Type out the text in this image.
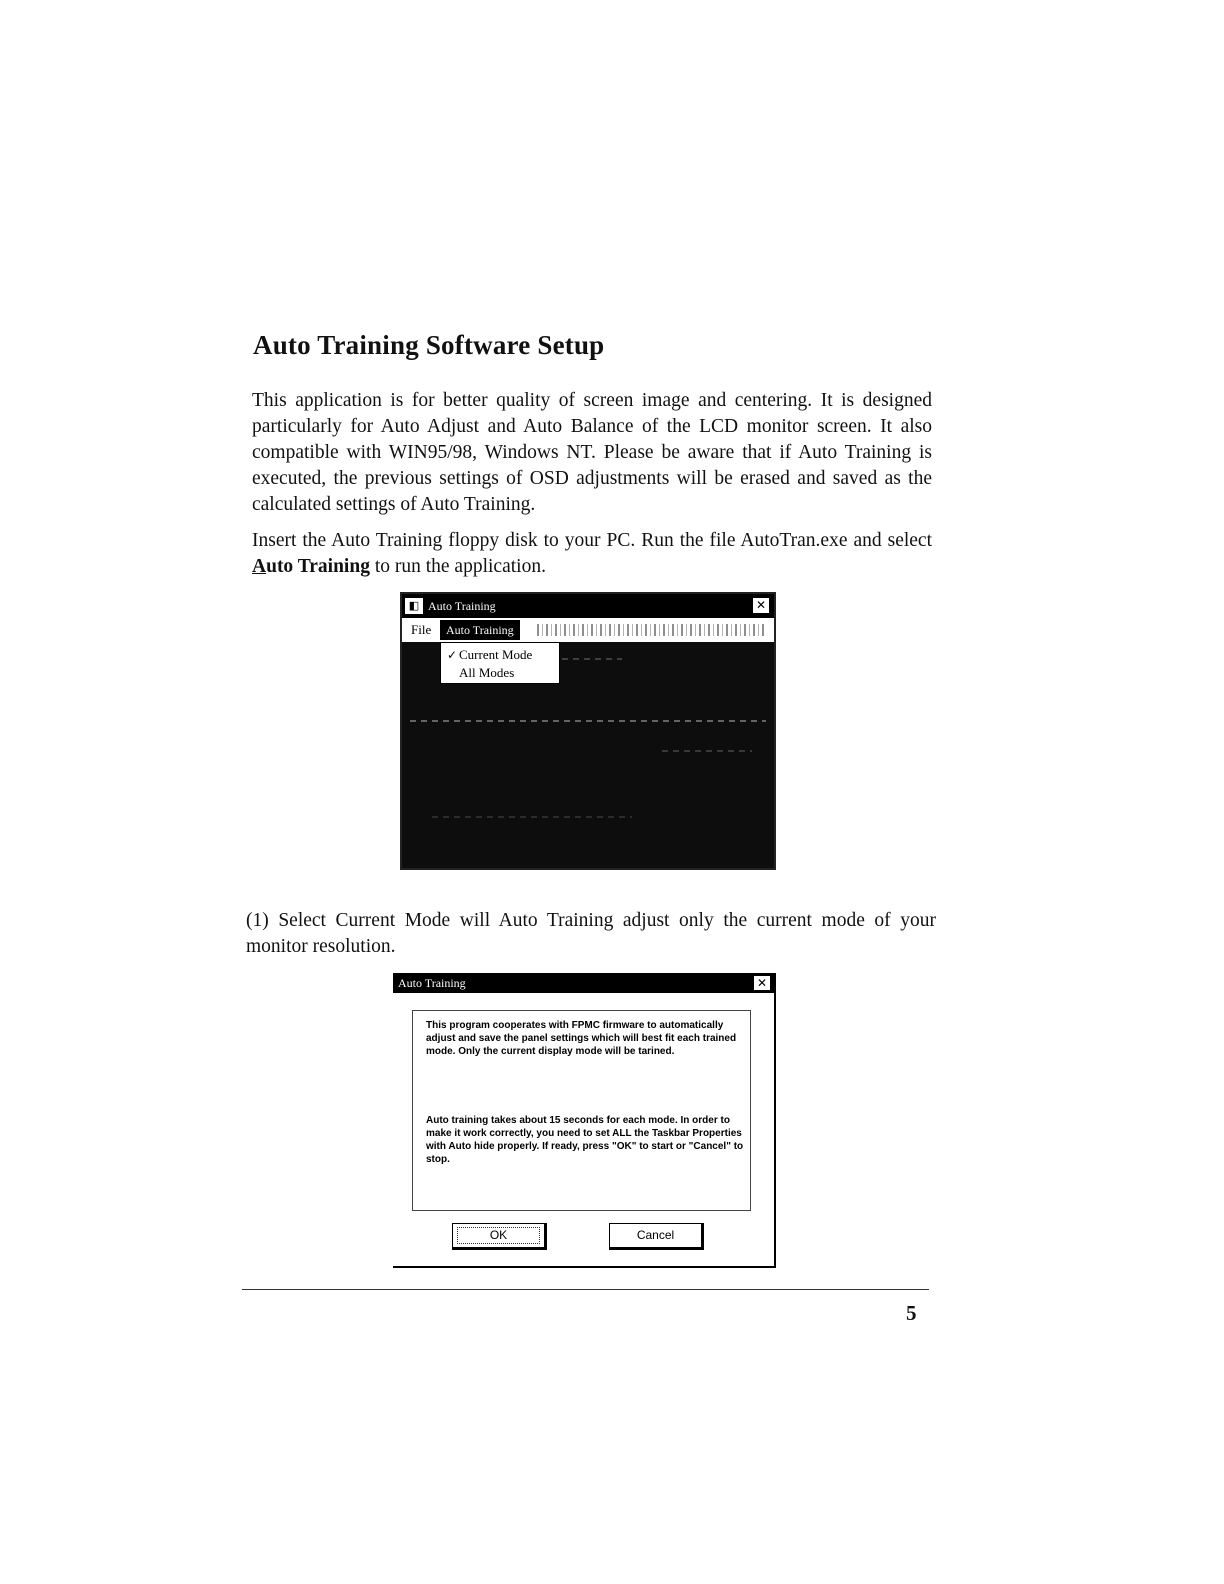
Auto Training Software Setup

This application is for better quality of screen image and centering. It is designed particularly for Auto Adjust and Auto Balance of the LCD monitor screen. It also compatible with WIN95/98, Windows NT. Please be aware that if Auto Training is executed, the previous settings of OSD adjustments will be erased and saved as the calculated settings of Auto Training.

Insert the Auto Training floppy disk to your PC. Run the file AutoTran.exe and select Auto Training to run the application.

◧ Auto Training	✕
File	Auto Training
✓ Current Mode
All Modes

(1) Select Current Mode will Auto Training adjust only the current mode of your monitor resolution.

Auto Training	✕

This program cooperates with FPMC firmware to automatically adjust and save the panel settings which will best fit each trained mode. Only the current display mode will be tarined.

Auto training takes about 15 seconds for each mode. In order to make it work correctly, you need to set ALL the Taskbar Properties with Auto hide properly. If ready, press "OK" to start or "Cancel" to stop.

OK	Cancel

5
